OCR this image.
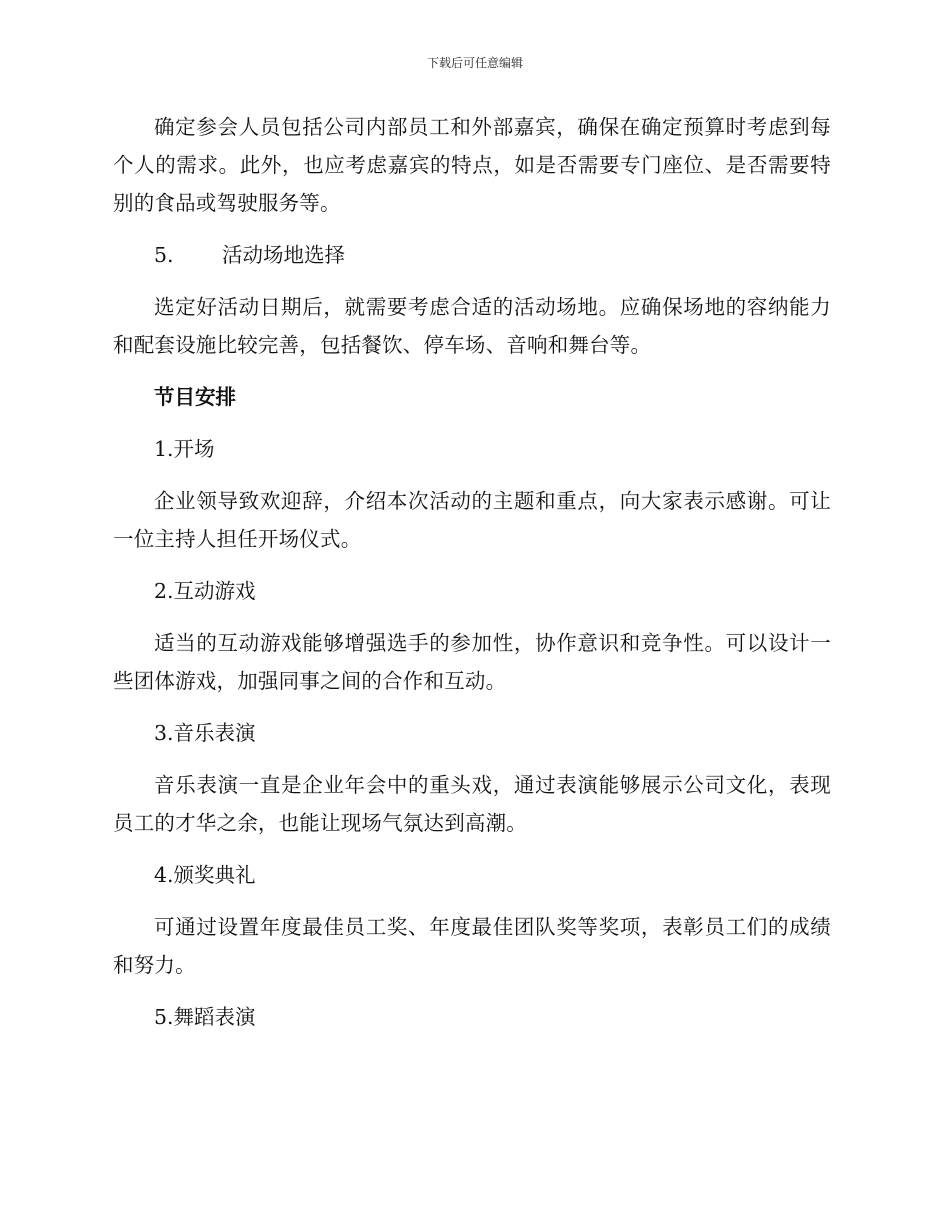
下载后可任意编辑

确定参会人员包括公司内部员工和外部嘉宾，确保在确定预算时考虑到每个人的需求。此外，也应考虑嘉宾的特点，如是否需要专门座位、是否需要特别的食品或驾驶服务等。

5. 活动场地选择

选定好活动日期后，就需要考虑合适的活动场地。应确保场地的容纳能力和配套设施比较完善，包括餐饮、停车场、音响和舞台等。

节目安排
1.开场

企业领导致欢迎辞，介绍本次活动的主题和重点，向大家表示感谢。可让一位主持人担任开场仪式。

2.互动游戏

适当的互动游戏能够增强选手的参加性，协作意识和竞争性。可以设计一些团体游戏，加强同事之间的合作和互动。

3.音乐表演

音乐表演一直是企业年会中的重头戏，通过表演能够展示公司文化，表现员工的才华之余，也能让现场气氛达到高潮。

4.颁奖典礼

可通过设置年度最佳员工奖、年度最佳团队奖等奖项，表彰员工们的成绩和努力。

5.舞蹈表演
